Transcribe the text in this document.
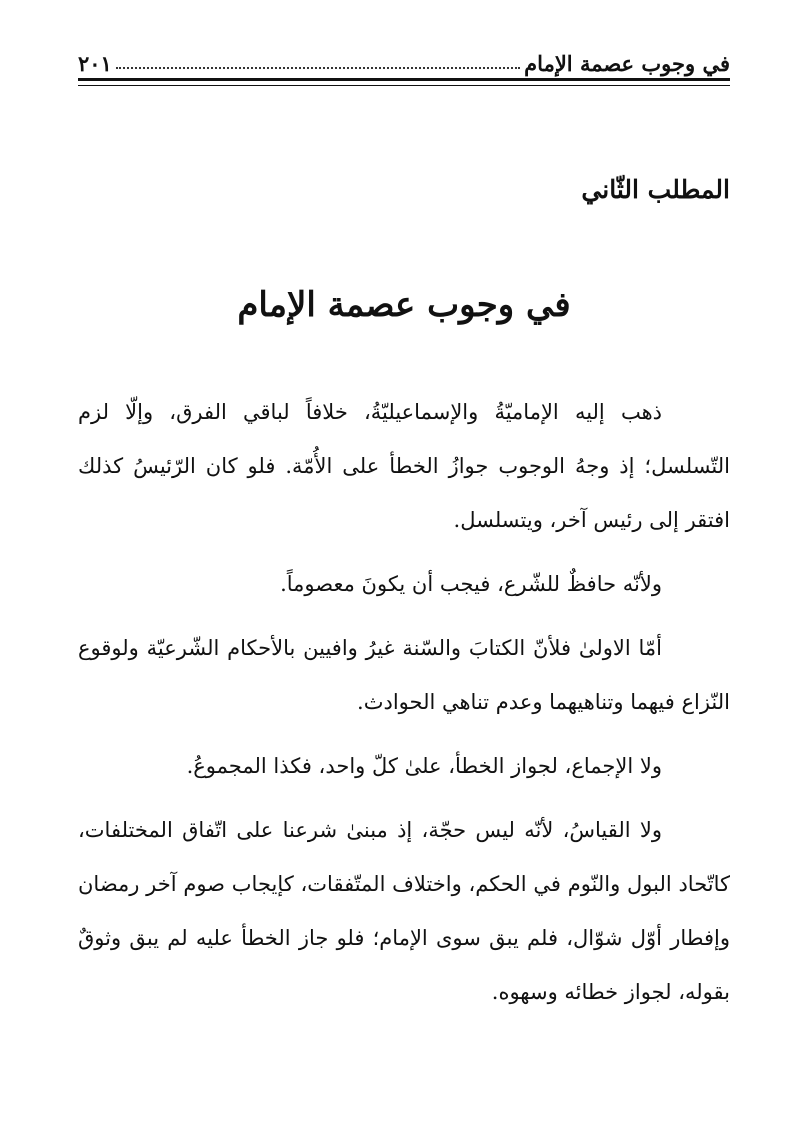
في وجوب عصمة الإمام
٢٠١
المطلب الثّاني
في وجوب عصمة الإمام

ذهب إليه الإماميّةُ والإسماعيليّةُ، خلافاً لباقي الفرق، وإلّا لزم التّسلسل؛ إذ وجهُ الوجوب جوازُ الخطأ على الأُمّة. فلو كان الرّئيسُ كذلك افتقر إلى رئيس آخر، ويتسلسل.

ولأنّه حافظٌ للشّرع، فيجب أن يكونَ معصوماً.

أمّا الاولىٰ فلأنّ الكتابَ والسّنة غيرُ وافيين بالأحكام الشّرعيّة ولوقوع النّزاع فيهما وتناهيهما وعدم تناهي الحوادث.

ولا الإجماع، لجواز الخطأ، علىٰ كلّ واحد، فكذا المجموعُ.

ولا القياسُ، لأنّه ليس حجّة، إذ مبنىٰ شرعنا على اتّفاق المختلفات، كاتّحاد البول والنّوم في الحكم، واختلاف المتّفقات، كإيجاب صوم آخر رمضان وإفطار أوّل شوّال، فلم يبق سوى الإمام؛ فلو جاز الخطأ عليه لم يبق وثوقٌ بقوله، لجواز خطائه وسهوه.
